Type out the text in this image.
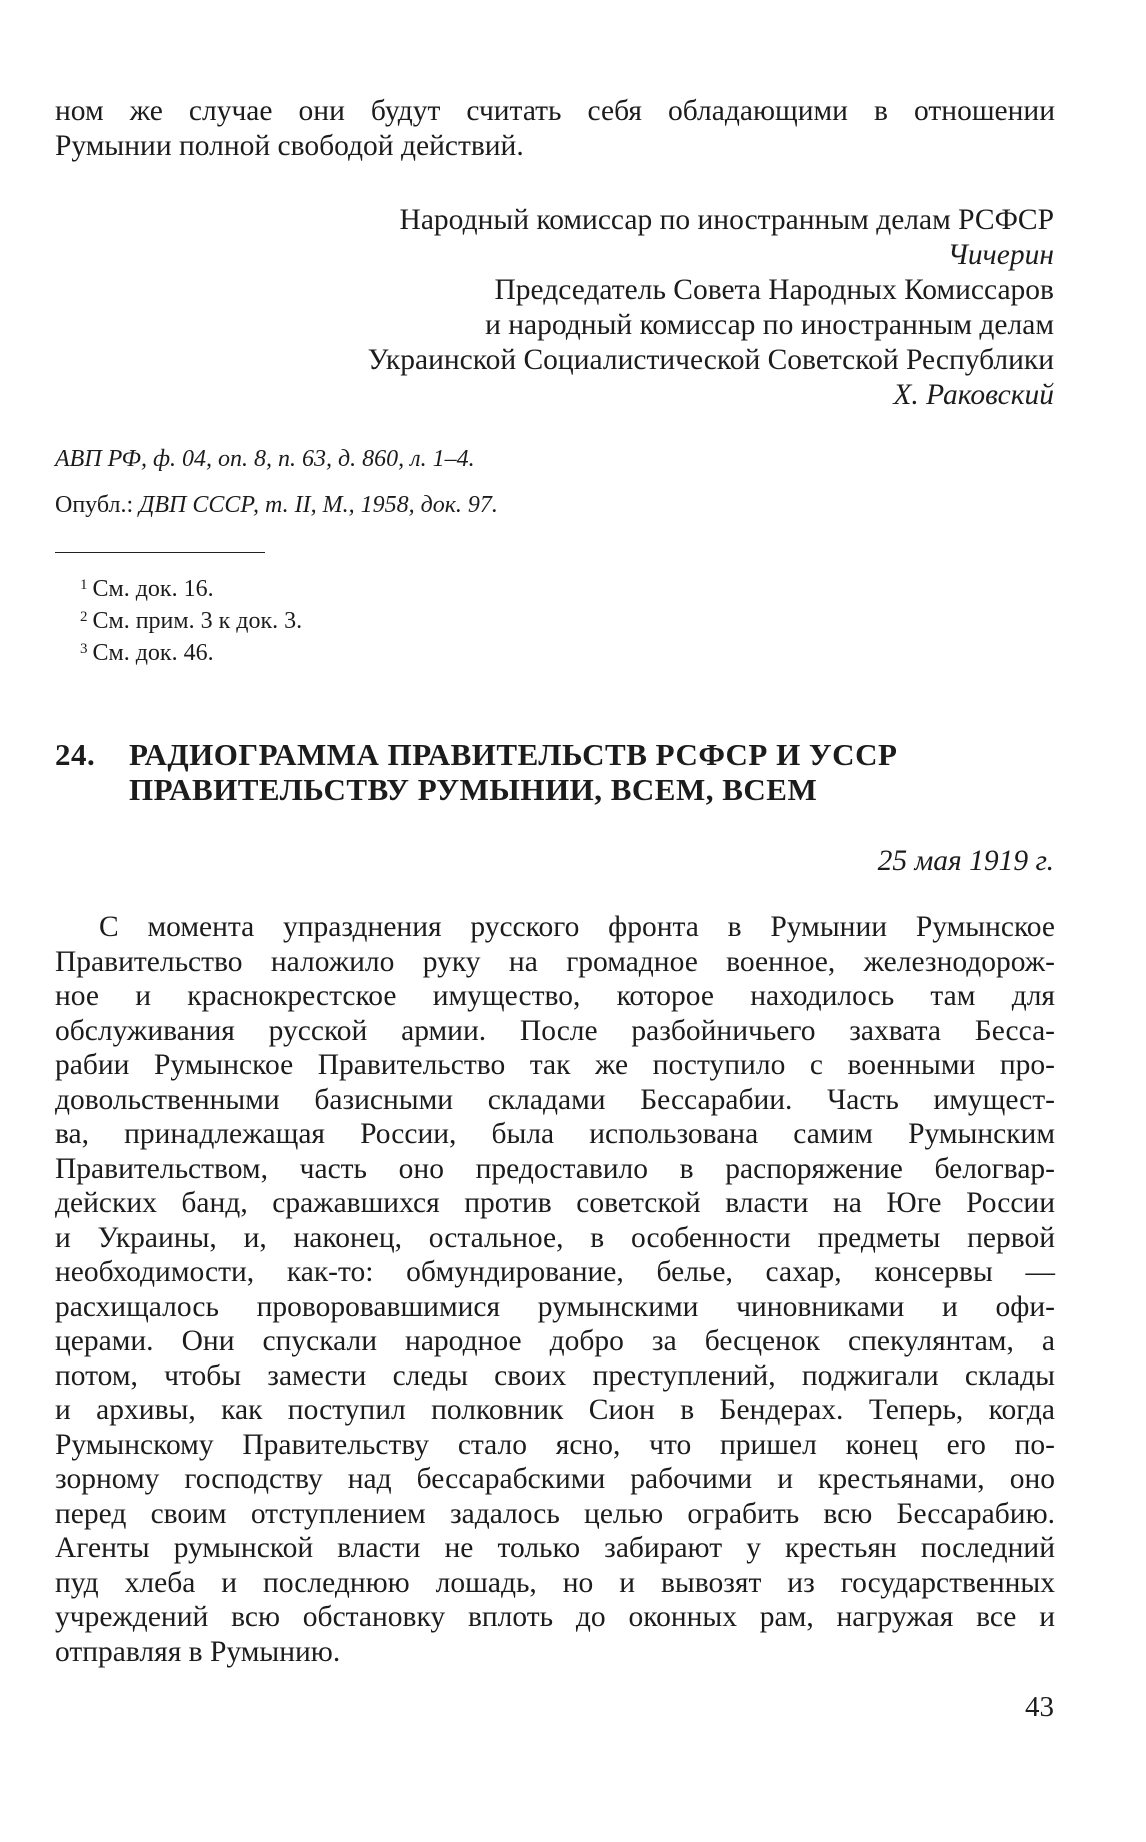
ном же случае они будут считать себя обладающими в отношении
Румынии полной свободой действий.
Народный комиссар по иностранным делам РСФСР
Чичерин
Председатель Совета Народных Комиссаров
и народный комиссар по иностранным делам
Украинской Социалистической Советской Республики
Х. Раковский
АВП РФ, ф. 04, оп. 8, п. 63, д. 860, л. 1–4.
Опубл.: ДВП СССР, т. II, М., 1958, док. 97.
$^1$ См. док. 16.
$^2$ См. прим. 3 к док. 3.
$^3$ См. док. 46.
24. РАДИОГРАММА ПРАВИТЕЛЬСТВ РСФСР И УССР
ПРАВИТЕЛЬСТВУ РУМЫНИИ, ВСЕМ, ВСЕМ
25 мая 1919 г.
С момента упразднения русского фронта в Румынии Румынское
Правительство наложило руку на громадное военное, железнодорож-
ное и краснокрестское имущество, которое находилось там для
обслуживания русской армии. После разбойничьего захвата Бесса-
рабии Румынское Правительство так же поступило с военными про-
довольственными базисными складами Бессарабии. Часть имущест-
ва, принадлежащая России, была использована самим Румынским
Правительством, часть оно предоставило в распоряжение белогвар-
дейских банд, сражавшихся против советской власти на Юге России
и Украины, и, наконец, остальное, в особенности предметы первой
необходимости, как-то: обмундирование, белье, сахар, консервы —
расхищалось проворовавшимися румынскими чиновниками и офи-
церами. Они спускали народное добро за бесценок спекулянтам, а
потом, чтобы замести следы своих преступлений, поджигали склады
и архивы, как поступил полковник Сион в Бендерах. Теперь, когда
Румынскому Правительству стало ясно, что пришел конец его по-
зорному господству над бессарабскими рабочими и крестьянами, оно
перед своим отступлением задалось целью ограбить всю Бессарабию.
Агенты румынской власти не только забирают у крестьян последний
пуд хлеба и последнюю лошадь, но и вывозят из государственных
учреждений всю обстановку вплоть до оконных рам, нагружая все и
отправляя в Румынию.
43
